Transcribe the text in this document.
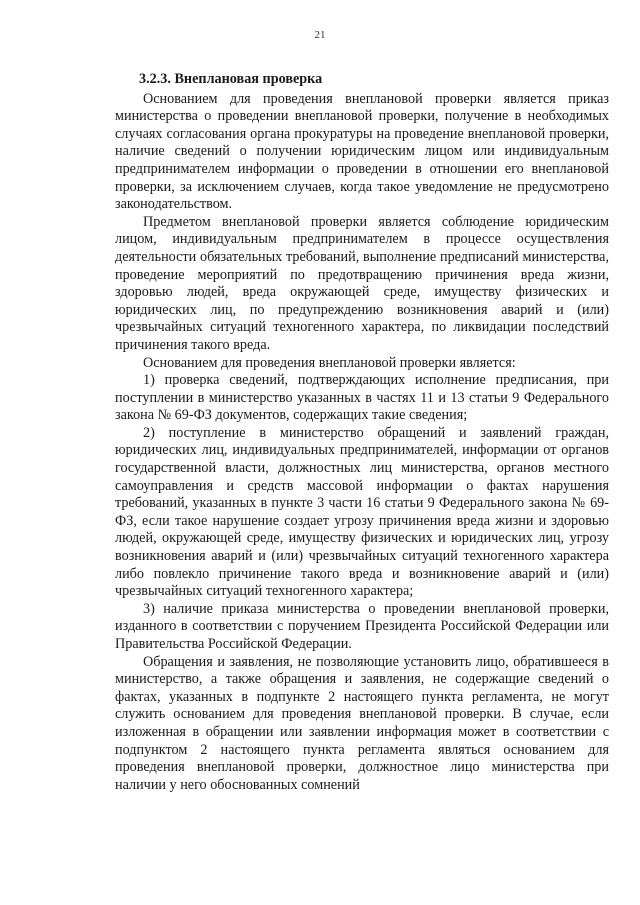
21
3.2.3. Внеплановая проверка

Основанием для проведения внеплановой проверки является приказ министерства о проведении внеплановой проверки, получение в необходимых случаях согласования органа прокуратуры на проведение внеплановой проверки, наличие сведений о получении юридическим лицом или индивидуальным предпринимателем информации о проведении в отношении его внеплановой проверки, за исключением случаев, когда такое уведомление не предусмотрено законодательством.

Предметом внеплановой проверки является соблюдение юридическим лицом, индивидуальным предпринимателем в процессе осуществления деятельности обязательных требований, выполнение предписаний министерства, проведение мероприятий по предотвращению причинения вреда жизни, здоровью людей, вреда окружающей среде, имуществу физических и юридических лиц, по предупреждению возникновения аварий и (или) чрезвычайных ситуаций техногенного характера, по ликвидации последствий причинения такого вреда.

Основанием для проведения внеплановой проверки является:

1) проверка сведений, подтверждающих исполнение предписания, при поступлении в министерство указанных в частях 11 и 13 статьи 9 Федерального закона № 69-ФЗ документов, содержащих такие сведения;

2) поступление в министерство обращений и заявлений граждан, юридических лиц, индивидуальных предпринимателей, информации от органов государственной власти, должностных лиц министерства, органов местного самоуправления и средств массовой информации о фактах нарушения требований, указанных в пункте 3 части 16 статьи 9 Федерального закона № 69-ФЗ, если такое нарушение создает угрозу причинения вреда жизни и здоровью людей, окружающей среде, имуществу физических и юридических лиц, угрозу возникновения аварий и (или) чрезвычайных ситуаций техногенного характера либо повлекло причинение такого вреда и возникновение аварий и (или) чрезвычайных ситуаций техногенного характера;

3) наличие приказа министерства о проведении внеплановой проверки, изданного в соответствии с поручением Президента Российской Федерации или Правительства Российской Федерации.

Обращения и заявления, не позволяющие установить лицо, обратившееся в министерство, а также обращения и заявления, не содержащие сведений о фактах, указанных в подпункте 2 настоящего пункта регламента, не могут служить основанием для проведения внеплановой проверки. В случае, если изложенная в обращении или заявлении информация может в соответствии с подпунктом 2 настоящего пункта регламента являться основанием для проведения внеплановой проверки, должностное лицо министерства при наличии у него обоснованных сомнений
